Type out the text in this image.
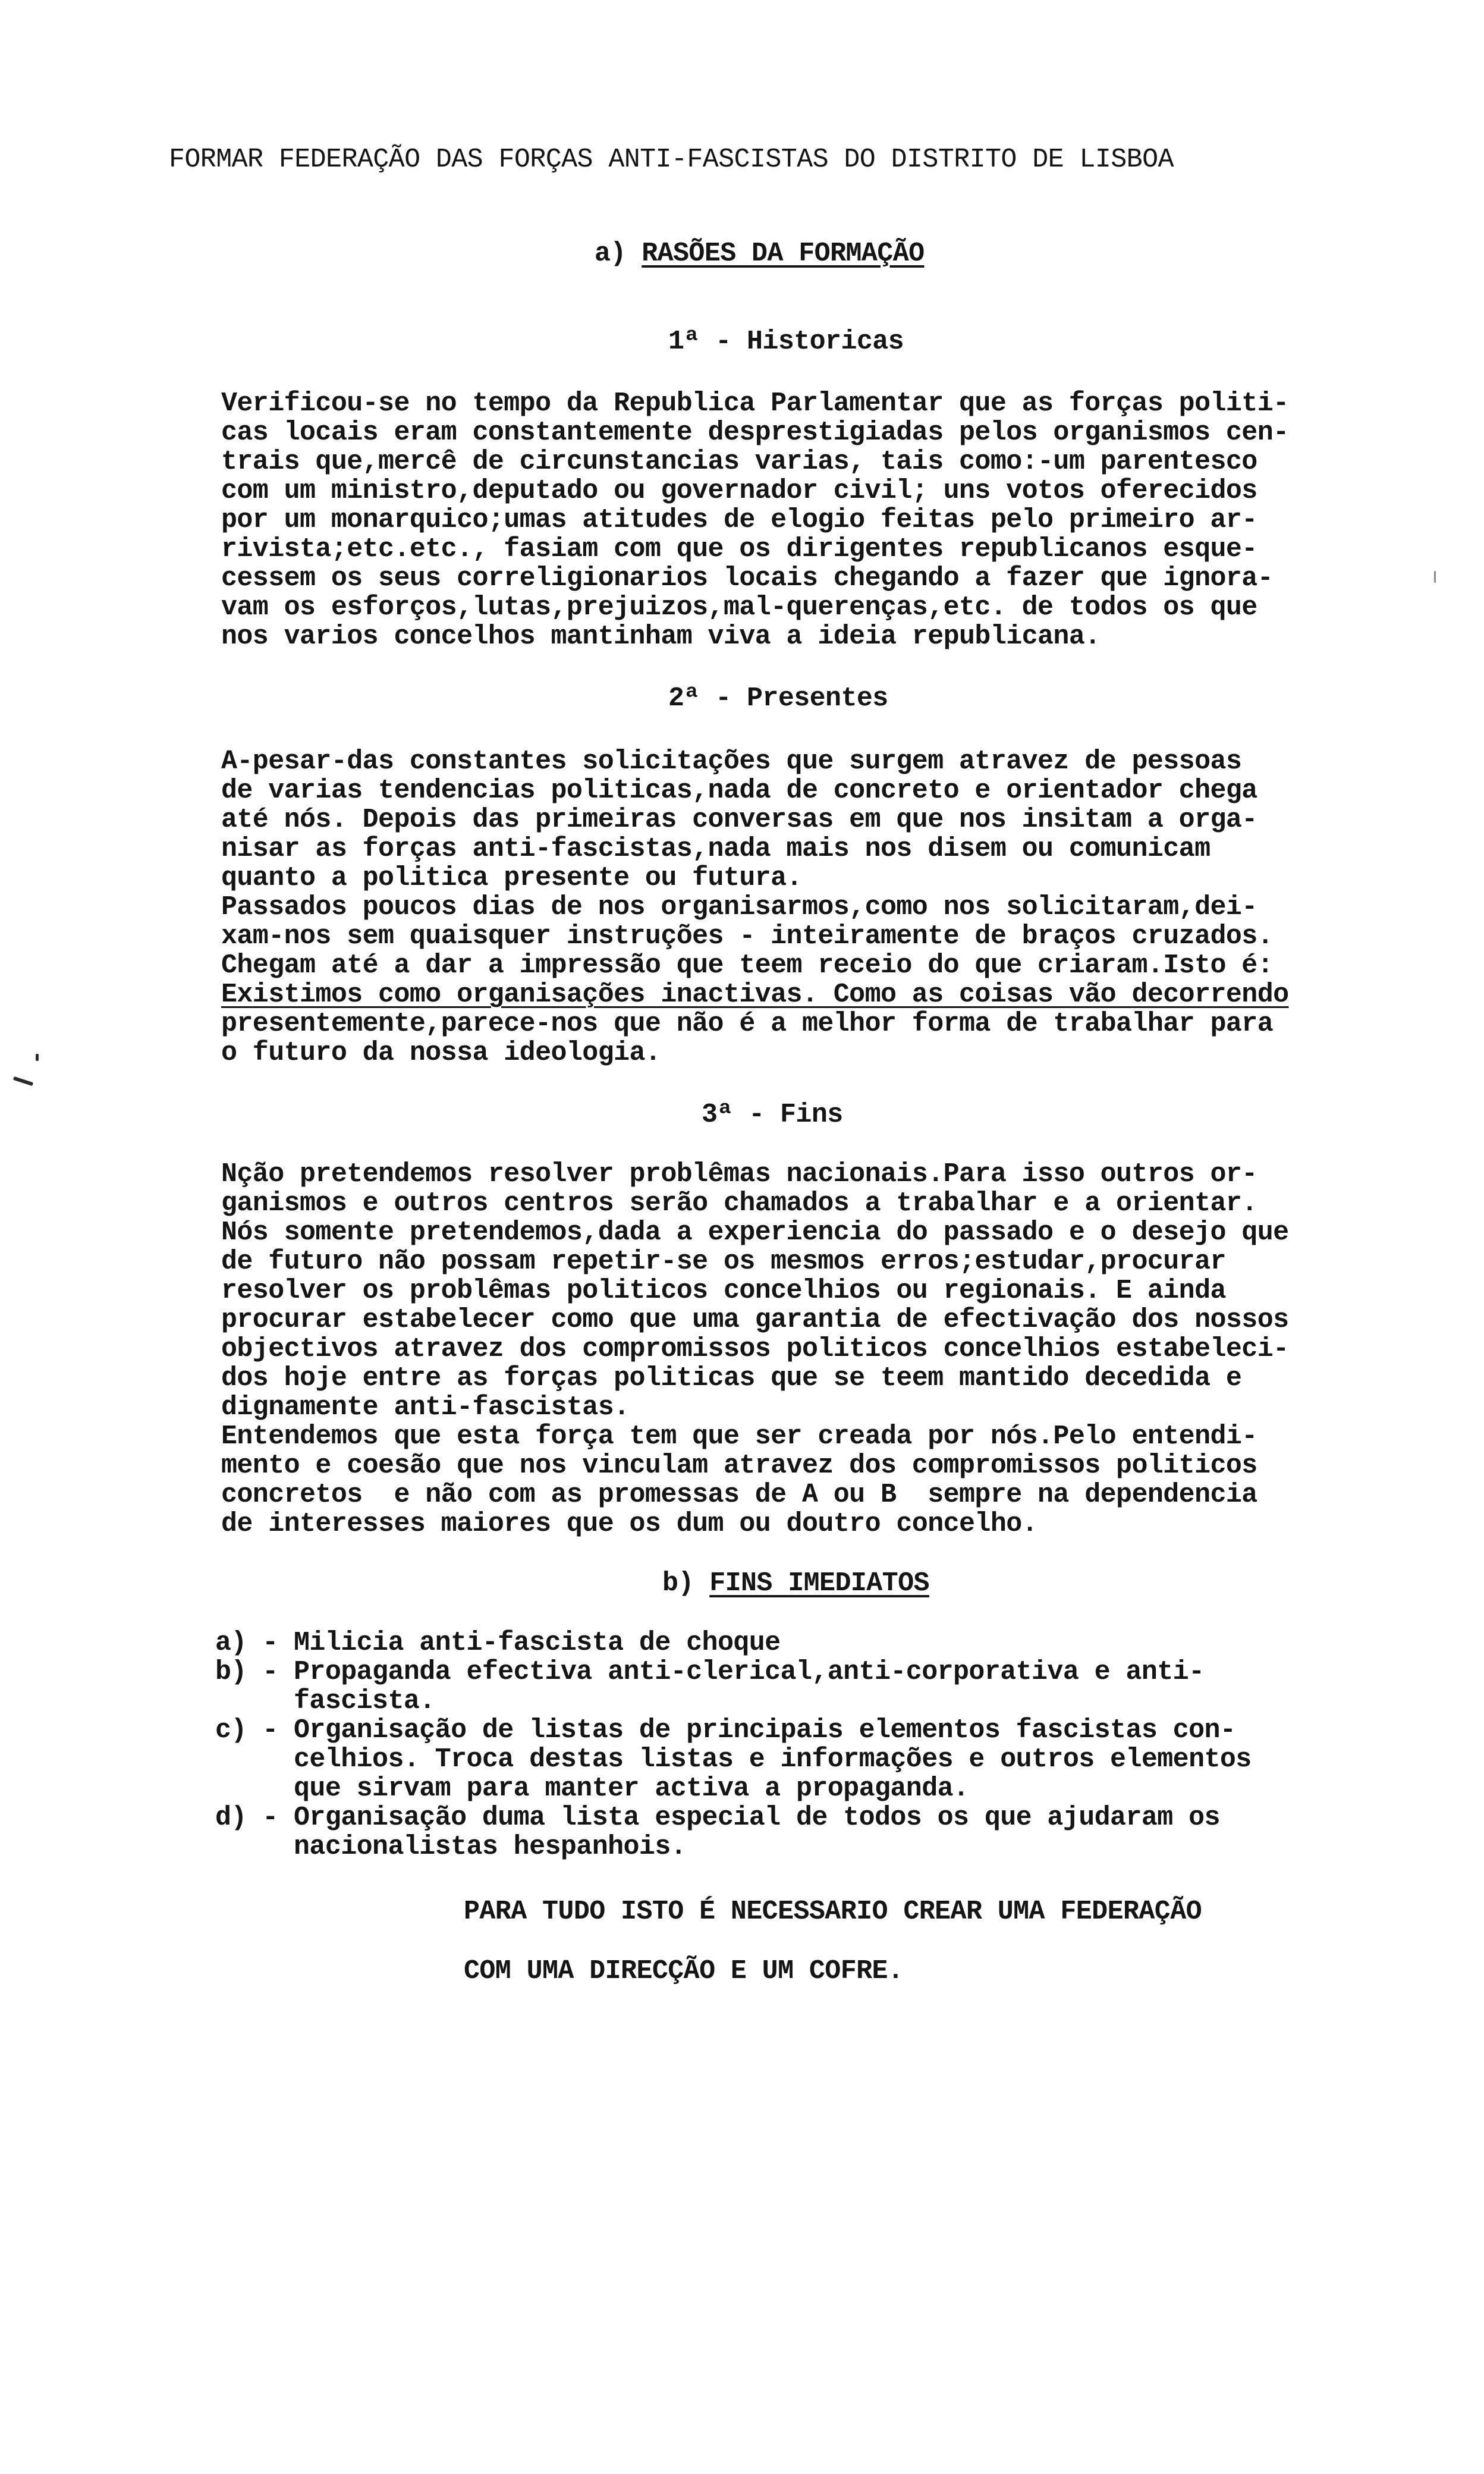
FORMAR FEDERAÇÃO DAS FORÇAS ANTI-FASCISTAS DO DISTRITO DE LISBOA
a) RASÕES DA FORMAÇÃO
1ª - Historicas
Verificou-se no tempo da Republica Parlamentar que as forças politi-
cas locais eram constantemente desprestigiadas pelos organismos cen-
trais que,mercê de circunstancias varias, tais como:-um parentesco
com um ministro,deputado ou governador civil; uns votos oferecidos
por um monarquico;umas atitudes de elogio feitas pelo primeiro ar-
rivista;etc.etc., fasiam com que os dirigentes republicanos esque-
cessem os seus correligionarios locais chegando a fazer que ignora-
vam os esforços,lutas,prejuizos,mal-querenças,etc. de todos os que
nos varios concelhos mantinham viva a ideia republicana.
2ª - Presentes
A-pesar-das constantes solicitações que surgem atravez de pessoas
de varias tendencias politicas,nada de concreto e orientador chega
até nós. Depois das primeiras conversas em que nos insitam a orga-
nisar as forças anti-fascistas,nada mais nos disem ou comunicam
quanto a politica presente ou futura.
Passados poucos dias de nos organisarmos,como nos solicitaram,dei-
xam-nos sem quaisquer instruções - inteiramente de braços cruzados.
Chegam até a dar a impressão que teem receio do que criaram.Isto é:
Existimos como organisações inactivas. Como as coisas vão decorrendo
presentemente,parece-nos que não é a melhor forma de trabalhar para
o futuro da nossa ideologia.
3ª - Fins
Nção pretendemos resolver problêmas nacionais.Para isso outros or-
ganismos e outros centros serão chamados a trabalhar e a orientar.
Nós somente pretendemos,dada a experiencia do passado e o desejo que
de futuro não possam repetir-se os mesmos erros;estudar,procurar
resolver os problêmas politicos concelhios ou regionais. E ainda
procurar estabelecer como que uma garantia de efectivação dos nossos
objectivos atravez dos compromissos politicos concelhios estabeleci-
dos hoje entre as forças politicas que se teem mantido decedida e
dignamente anti-fascistas.
Entendemos que esta força tem que ser creada por nós.Pelo entendi-
mento e coesão que nos vinculam atravez dos compromissos politicos
concretos  e não com as promessas de A ou B  sempre na dependencia
de interesses maiores que os dum ou doutro concelho.
b) FINS IMEDIATOS
a) - Milicia anti-fascista de choque
b) - Propaganda efectiva anti-clerical,anti-corporativa e anti-
fascista.
c) - Organisação de listas de principais elementos fascistas con-
celhios. Troca destas listas e informações e outros elementos
que sirvam para manter activa a propaganda.
d) - Organisação duma lista especial de todos os que ajudaram os
nacionalistas hespanhois.
PARA TUDO ISTO É NECESSARIO CREAR UMA FEDERAÇÃO
COM UMA DIRECÇÃO E UM COFRE.
